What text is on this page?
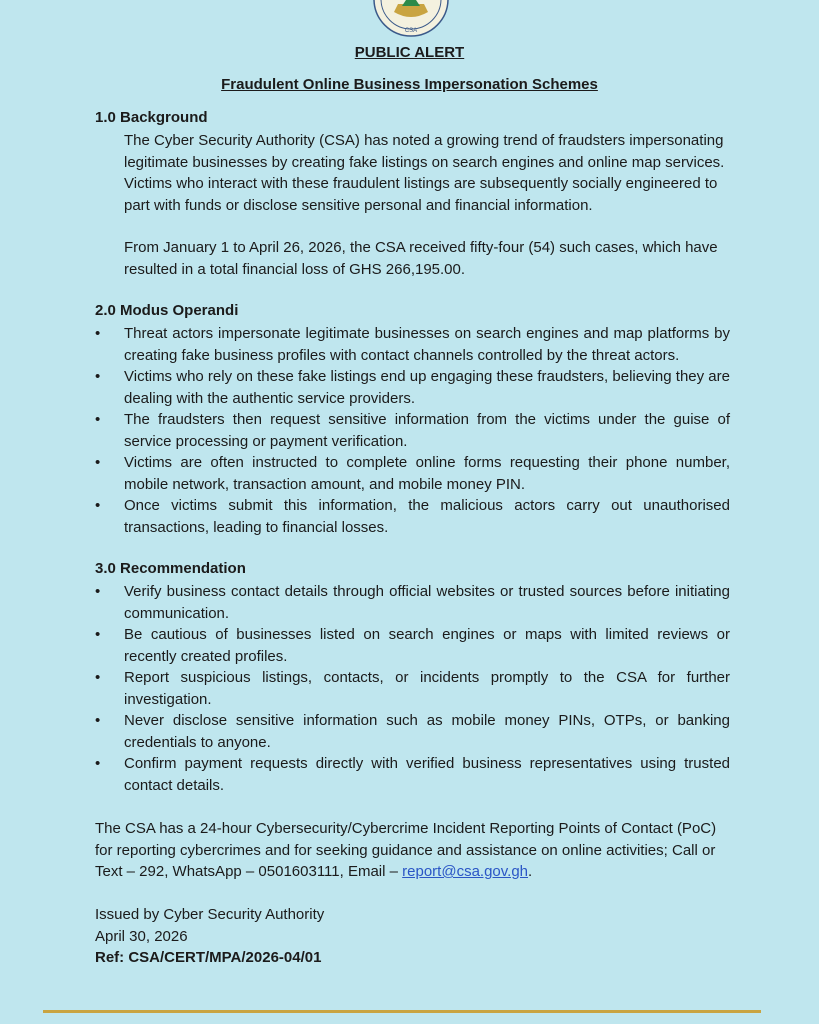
CSA
PUBLIC ALERT
Fraudulent Online Business Impersonation Schemes
1.0 Background
The Cyber Security Authority (CSA) has noted a growing trend of fraudsters impersonating legitimate businesses by creating fake listings on search engines and online map services. Victims who interact with these fraudulent listings are subsequently socially engineered to part with funds or disclose sensitive personal and financial information.
From January 1 to April 26, 2026, the CSA received fifty-four (54) such cases, which have resulted in a total financial loss of GHS 266,195.00.
2.0 Modus Operandi
•	Threat actors impersonate legitimate businesses on search engines and map platforms by creating fake business profiles with contact channels controlled by the threat actors.
•	Victims who rely on these fake listings end up engaging these fraudsters, believing they are dealing with the authentic service providers.
•	The fraudsters then request sensitive information from the victims under the guise of service processing or payment verification.
•	Victims are often instructed to complete online forms requesting their phone number, mobile network, transaction amount, and mobile money PIN.
•	Once victims submit this information, the malicious actors carry out unauthorised transactions, leading to financial losses.
3.0 Recommendation
•	Verify business contact details through official websites or trusted sources before initiating communication.
•	Be cautious of businesses listed on search engines or maps with limited reviews or recently created profiles.
•	Report suspicious listings, contacts, or incidents promptly to the CSA for further investigation.
•	Never disclose sensitive information such as mobile money PINs, OTPs, or banking credentials to anyone.
•	Confirm payment requests directly with verified business representatives using trusted contact details.
The CSA has a 24-hour Cybersecurity/Cybercrime Incident Reporting Points of Contact (PoC) for reporting cybercrimes and for seeking guidance and assistance on online activities; Call or Text – 292, WhatsApp – 0501603111, Email – report@csa.gov.gh.
Issued by Cyber Security Authority
April 30, 2026
Ref: CSA/CERT/MPA/2026-04/01
